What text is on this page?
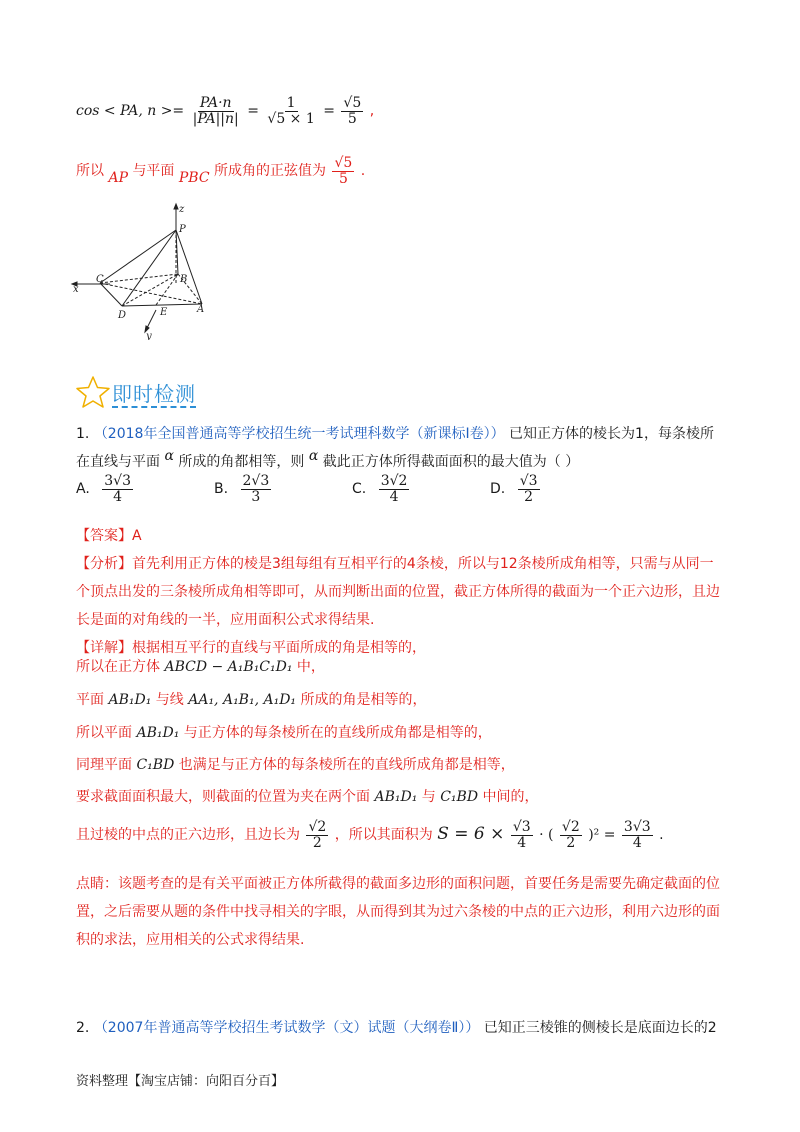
cos < PA, $n >= \frac{PA\cdot n}{|PA||n|} = \frac{1}{√5 \times 1} = \frac{√5}{5}$ ,
所以 AP 与平面 PBC 所成角的正弦值为 $\frac{√5}{5}$ .
z
P
C	B
x
D	E	A
y
即时检测
1. （2018年全国普通高等学校招生统一考试理科数学（新课标Ⅰ卷）） 已知正方体的棱长为1，每条棱所
在直线与平面 α 所成的角都相等，则 α 截此正方体所得截面面积的最大值为（ ）
A. $\frac{3√3}{4}$	B. $\frac{2√3}{3}$	C. $\frac{3√2}{4}$	D. $\frac{√3}{2}$
【答案】A
【分析】首先利用正方体的棱是3组每组有互相平行的4条棱，所以与12条棱所成角相等，只需与从同一
个顶点出发的三条棱所成角相等即可，从而判断出面的位置，截正方体所得的截面为一个正六边形，且边
长是面的对角线的一半，应用面积公式求得结果.
【详解】根据相互平行的直线与平面所成的角是相等的，
所以在正方体 ABCD − A₁B₁C₁D₁ 中，
平面 AB₁D₁ 与线 AA₁, A₁B₁, A₁D₁ 所成的角是相等的，
所以平面 AB₁D₁ 与正方体的每条棱所在的直线所成角都是相等的，
同理平面 C₁BD 也满足与正方体的每条棱所在的直线所成角都是相等，
要求截面面积最大，则截面的位置为夹在两个面 AB₁D₁ 与 C₁BD 中间的，
且过棱的中点的正六边形，且边长为 $\frac{√2}{2}$ ，所以其面积为 $S = 6 \times \frac{√3}{4}$ · ( $\frac{√2}{2} )^2 = \frac{3√3}{4}$ .
点睛：该题考查的是有关平面被正方体所截得的截面多边形的面积问题，首要任务是需要先确定截面的位
置，之后需要从题的条件中找寻相关的字眼，从而得到其为过六条棱的中点的正六边形，利用六边形的面
积的求法，应用相关的公式求得结果.
2. （2007年普通高等学校招生考试数学（文）试题（大纲卷Ⅱ）） 已知正三棱锥的侧棱长是底面边长的2
资料整理【淘宝店铺：向阳百分百】
